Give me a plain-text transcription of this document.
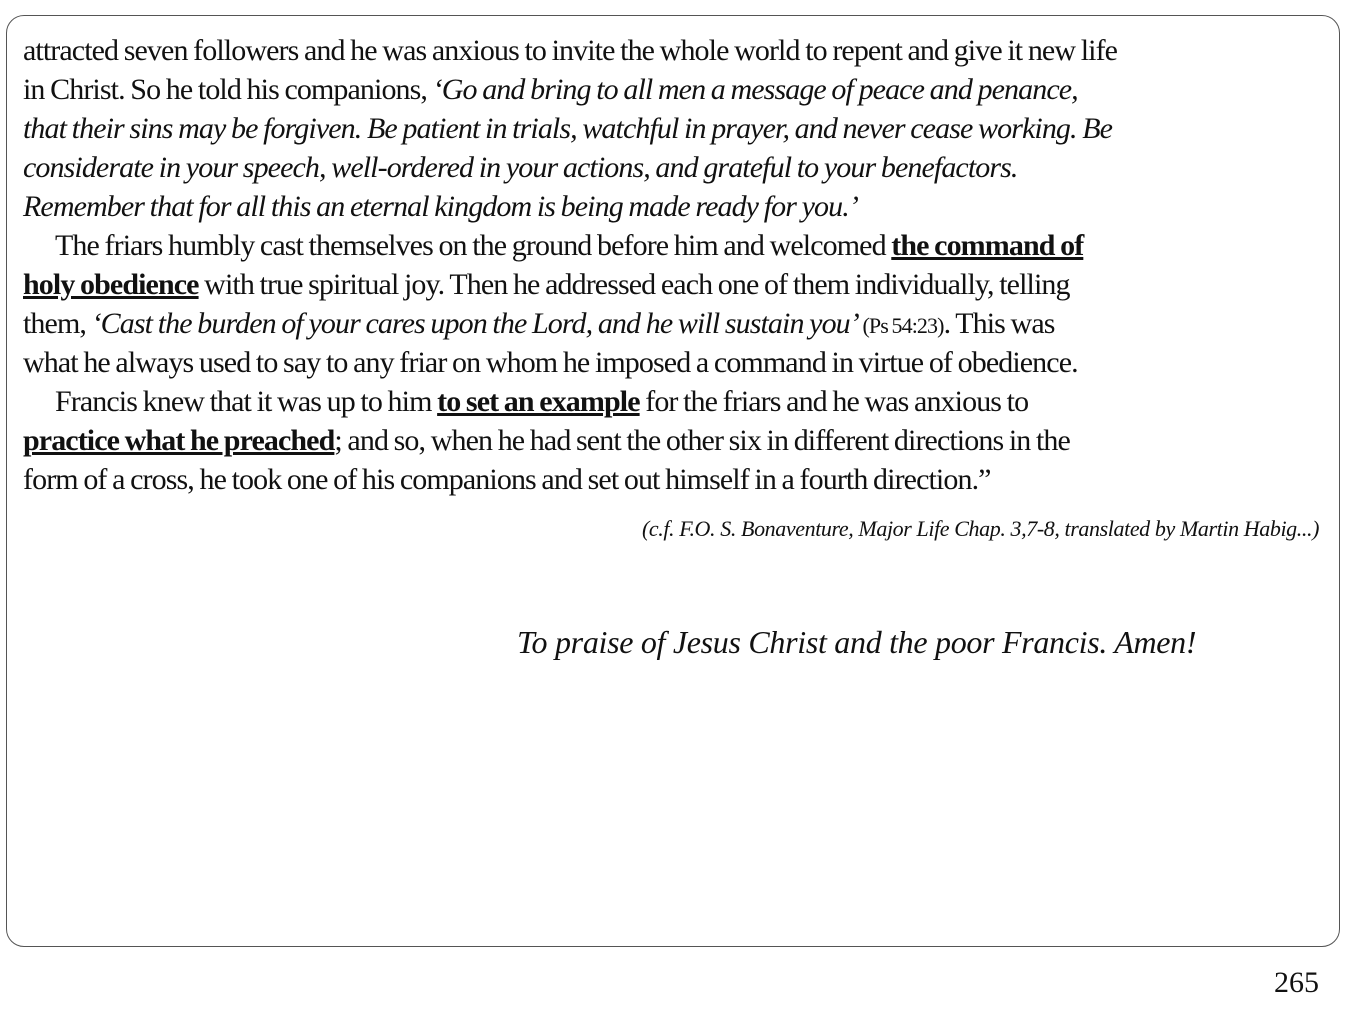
attracted seven followers and he was anxious to invite the whole world to repent and give it new life
in Christ. So he told his companions, ‘Go and bring to all men a message of peace and penance,
that their sins may be forgiven. Be patient in trials, watchful in prayer, and never cease working. Be
considerate in your speech, well-ordered in your actions, and grateful to your benefactors.
Remember that for all this an eternal kingdom is being made ready for you.’
The friars humbly cast themselves on the ground before him and welcomed the command of
holy obedience with true spiritual joy. Then he addressed each one of them individually, telling
them, ‘Cast the burden of your cares upon the Lord, and he will sustain you’ (Ps 54:23). This was
what he always used to say to any friar on whom he imposed a command in virtue of obedience.
Francis knew that it was up to him to set an example for the friars and he was anxious to
practice what he preached; and so, when he had sent the other six in different directions in the
form of a cross, he took one of his companions and set out himself in a fourth direction.”
(c.f. F.O. S. Bonaventure, Major Life Chap. 3,7-8, translated by Martin Habig...)
To praise of Jesus Christ and the poor Francis. Amen!
265
